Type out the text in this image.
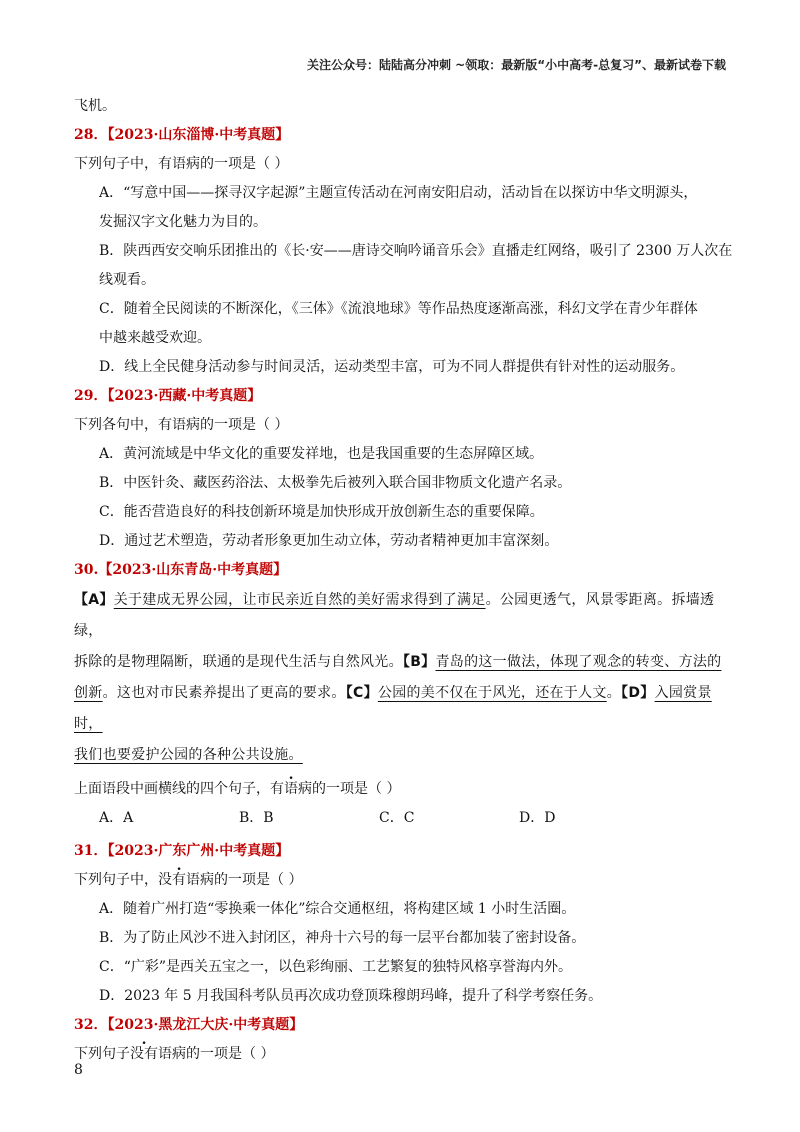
关注公众号：陆陆高分冲刺 ~领取：最新版“小中高考-总复习”、最新试卷下载
飞机。
28．【2023·山东淄博·中考真题】
下列句子中，有语病的一项是（ ）
A．“写意中国——探寻汉字起源”主题宣传活动在河南安阳启动，活动旨在以探访中华文明源头，
发掘汉字文化魅力为目的。
B．陕西西安交响乐团推出的《长·安——唐诗交响吟诵音乐会》直播走红网络，吸引了 2300 万人次在
线观看。
C．随着全民阅读的不断深化，《三体》《流浪地球》等作品热度逐渐高涨，科幻文学在青少年群体
中越来越受欢迎。
D．线上全民健身活动参与时间灵活，运动类型丰富，可为不同人群提供有针对性的运动服务。
29．【2023·西藏·中考真题】
下列各句中，有语病的一项是（ ）
A．黄河流域是中华文化的重要发祥地，也是我国重要的生态屏障区域。
B．中医针灸、藏医药浴法、太极拳先后被列入联合国非物质文化遗产名录。
C．能否营造良好的科技创新环境是加快形成开放创新生态的重要保障。
D．通过艺术塑造，劳动者形象更加生动立体，劳动者精神更加丰富深刻。
30.【2023·山东青岛·中考真题】
【A】关于建成无界公园，让市民亲近自然的美好需求得到了满足。公园更透气，风景零距离。拆墙透绿，
拆除的是物理隔断，联通的是现代生活与自然风光。【B】青岛的这一做法，体现了观念的转变、方法的
创新。这也对市民素养提出了更高的要求。【C】公园的美不仅在于风光，还在于人文。【D】入园赏景时，
我们也要爱护公园的各种公共设施。
上面语段中画横线的四个句子，有语病的一项是（ ）
A．A	B．B	C．C	D．D
31．【2023·广东广州·中考真题】
下列句子中，没有语病的一项是（ ）
A．随着广州打造“零换乘一体化”综合交通枢纽，将构建区域 1 小时生活圈。
B．为了防止风沙不进入封闭区，神舟十六号的每一层平台都加装了密封设备。
C．“广彩”是西关五宝之一，以色彩绚丽、工艺繁复的独特风格享誉海内外。
D．2023 年 5 月我国科考队员再次成功登顶珠穆朗玛峰，提升了科学考察任务。
32．【2023·黑龙江大庆·中考真题】
下列句子没有语病的一项是（ ）
8
